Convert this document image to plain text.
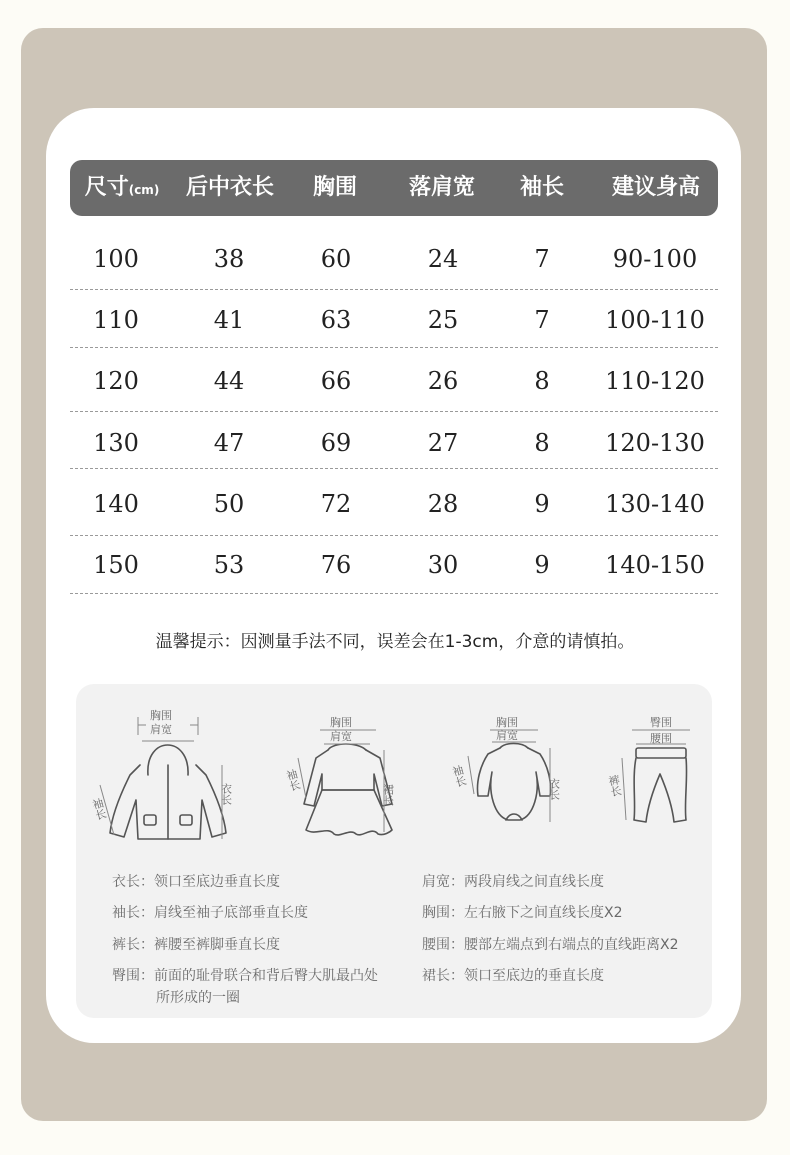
尺寸(cm) 后中衣长 胸围 落肩宽 袖长 建议身高
100	38	60	24	7	90-100
110	41	63	25	7 100-110
120	44	66	26	8 110-120
130	47	69	27	8 120-130
140	50	72	28	9 130-140
150	53	76	30	9 140-150
温馨提示：因测量手法不同，误差会在1-3cm，介意的请慎拍。
胸围
肩宽
衣长
袖长
胸围
肩宽
裙长
袖长
胸围
肩宽
衣长
袖长
臀围
腰围
裤长
衣长：领口至底边垂直长度
袖长：肩线至袖子底部垂直长度
裤长：裤腰至裤脚垂直长度
臀围：前面的耻骨联合和背后臀大肌最凸处
所形成的一圈
肩宽：两段肩线之间直线长度
胸围：左右腋下之间直线长度X2
腰围：腰部左端点到右端点的直线距离X2
裙长：领口至底边的垂直长度
